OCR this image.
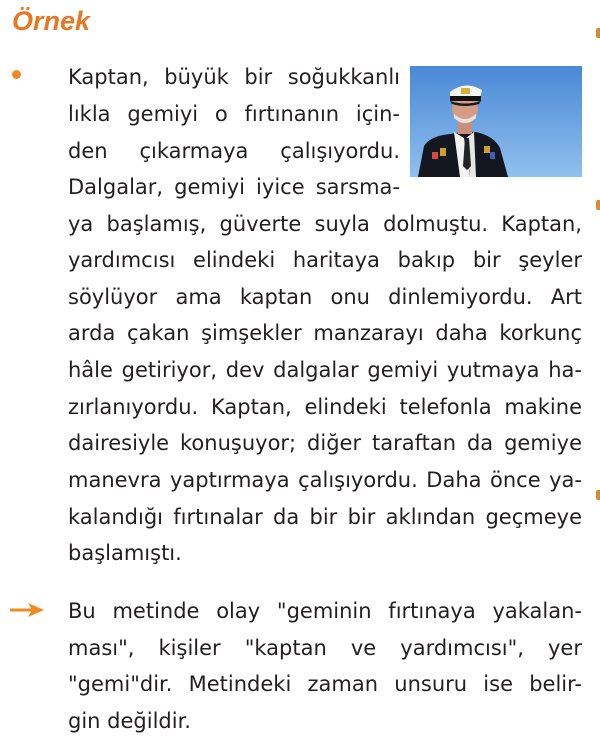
Örnek
Kaptan, büyük bir soğukkanlı
lıkla gemiyi o fırtınanın için-
den çıkarmaya çalışıyordu.
Dalgalar, gemiyi iyice sarsma-
ya başlamış, güverte suyla dolmuştu. Kaptan,
yardımcısı elindeki haritaya bakıp bir şeyler
söylüyor ama kaptan onu dinlemiyordu. Art
arda çakan şimşekler manzarayı daha korkunç
hâle getiriyor, dev dalgalar gemiyi yutmaya ha-
zırlanıyordu. Kaptan, elindeki telefonla makine
dairesiyle konuşuyor; diğer taraftan da gemiye
manevra yaptırmaya çalışıyordu. Daha önce ya-
kalandığı fırtınalar da bir bir aklından geçmeye
başlamıştı.
Bu metinde olay "geminin fırtınaya yakalan-
ması", kişiler "kaptan ve yardımcısı", yer
"gemi"dir. Metindeki zaman unsuru ise belir-
gin değildir.
